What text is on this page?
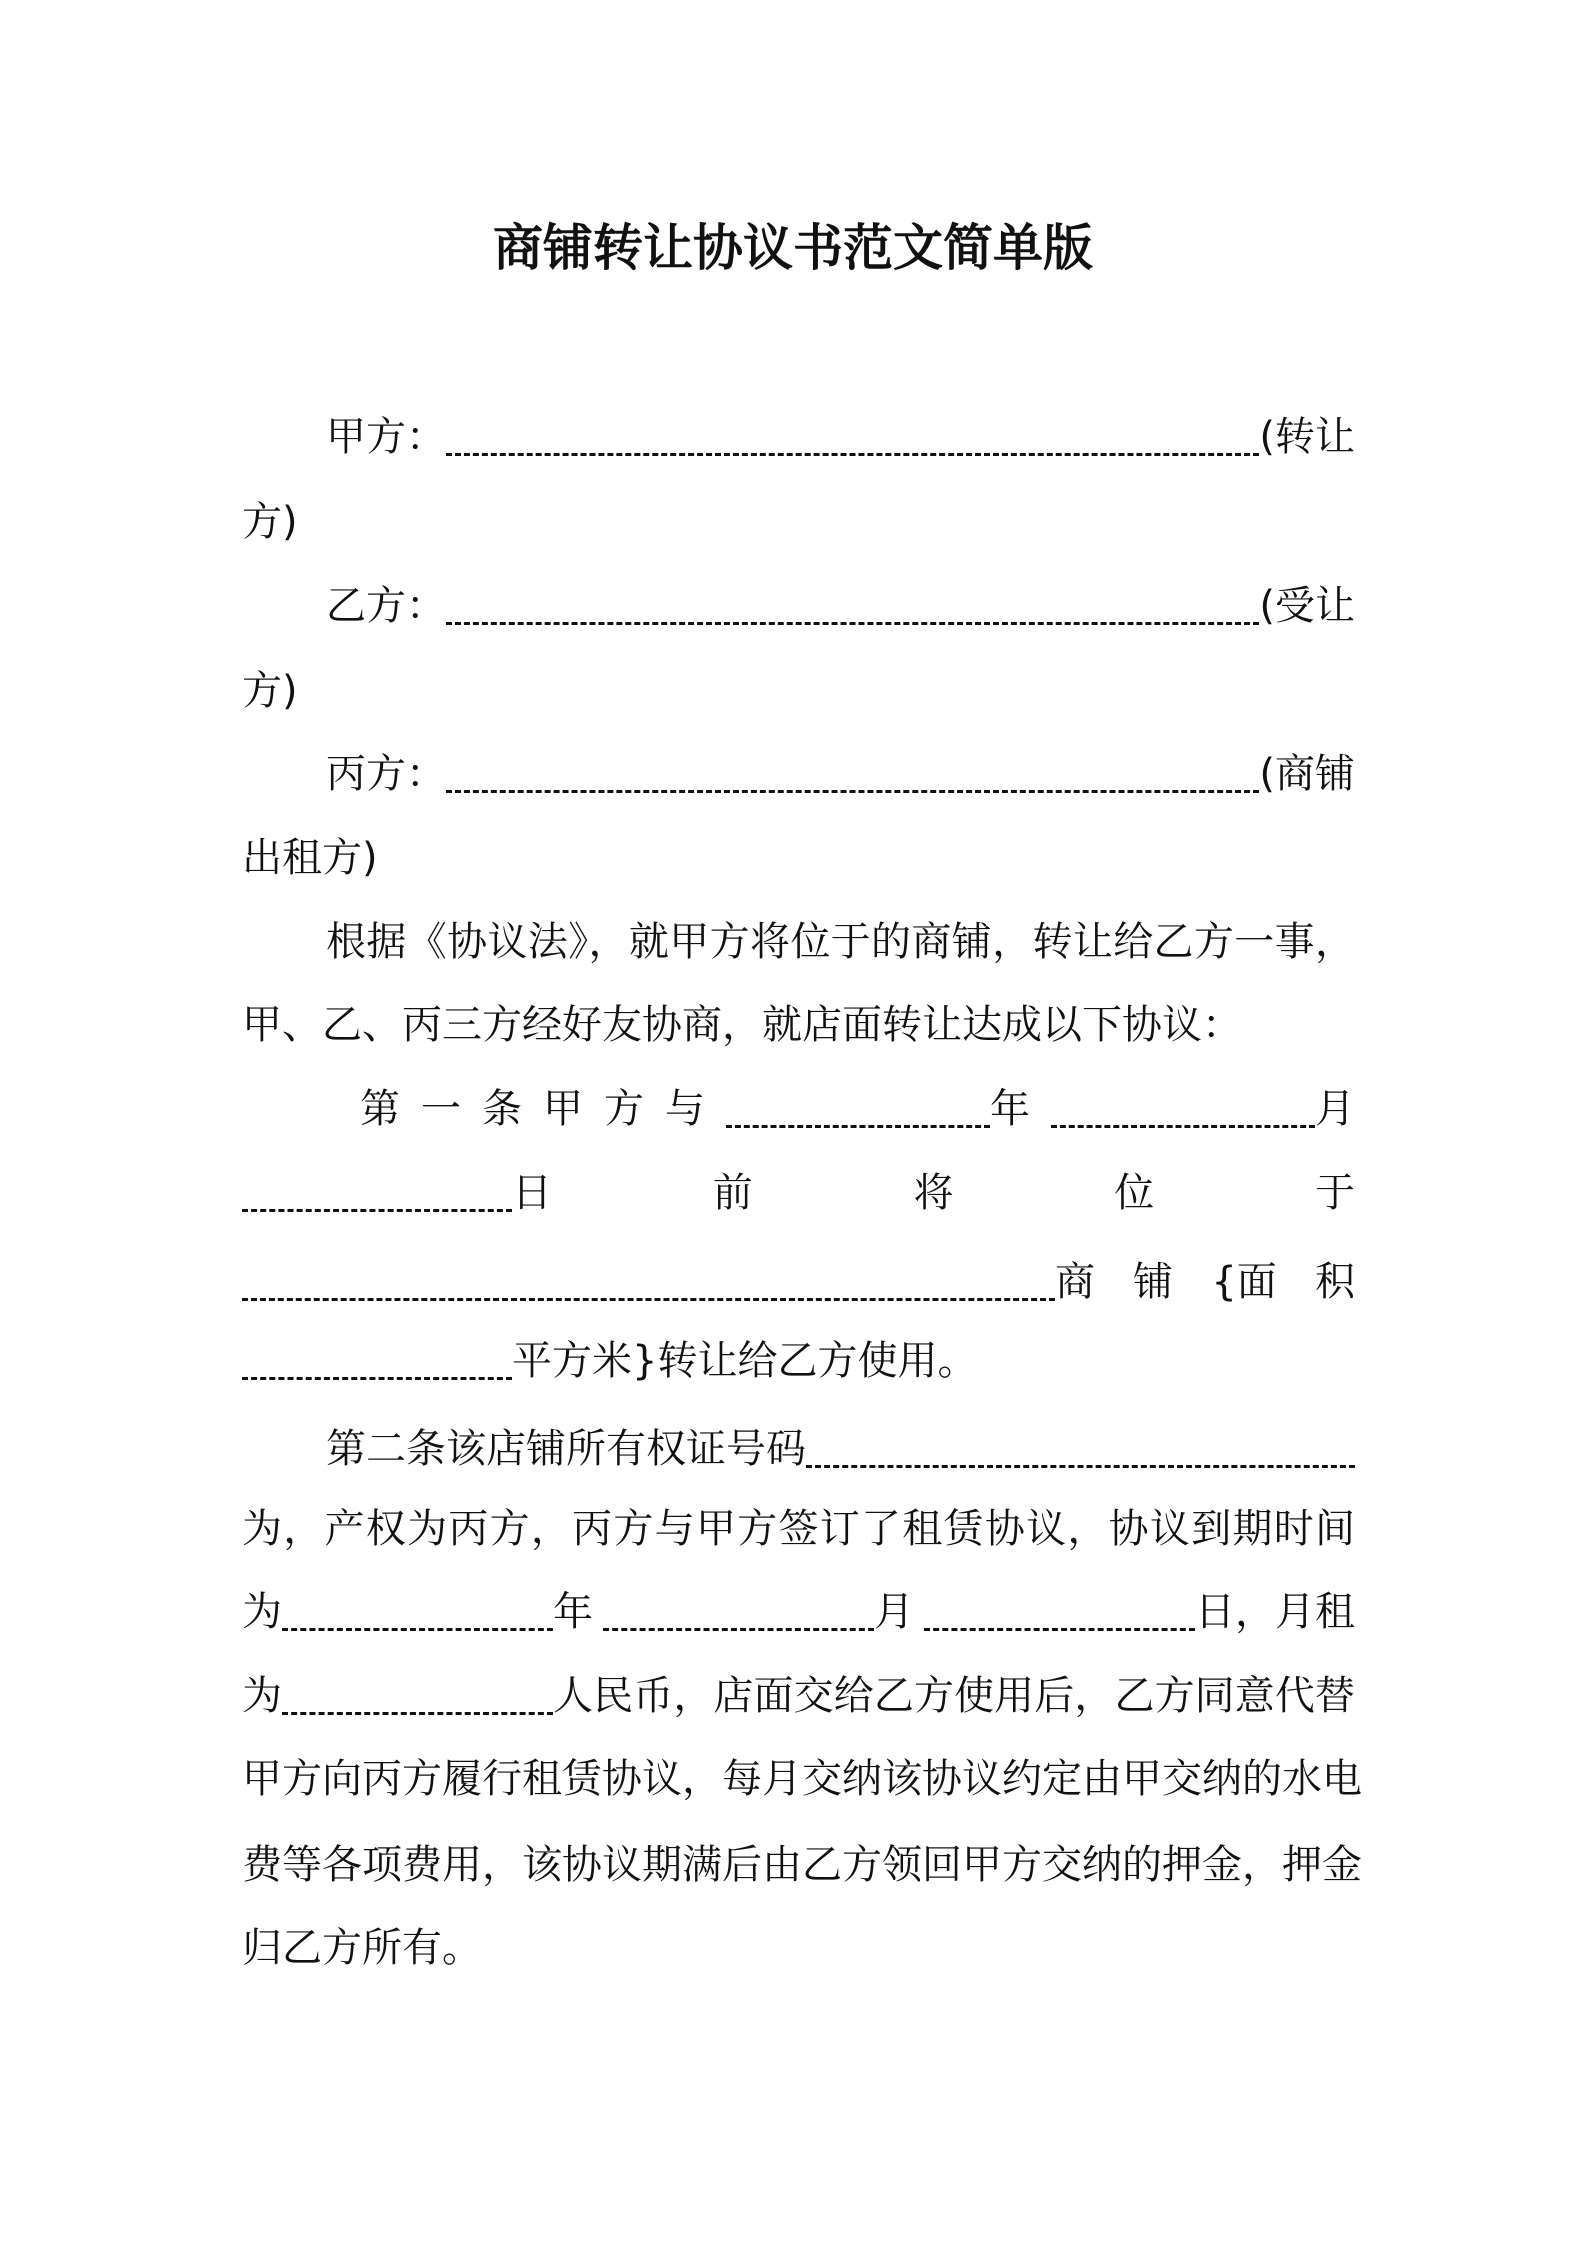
商铺转让协议书范文简单版
甲方：	(转让
方)
乙方：	(受让
方)
丙方：	(商铺
出租方)
根据《协议法》，就甲方将位于的商铺，转让给乙方一事，
甲、乙、丙三方经好友协商，就店面转让达成以下协议：
第 一 条 甲 方 与	年	月
日	前	将	位	于
商 铺 {面 积
平方米}转让给乙方使用。
第二条该店铺所有权证号码
为，产权为丙方，丙方与甲方签订了租赁协议，协议到期时间
为	年	月	日，月租
为	人民币，店面交给乙方使用后，乙方同意代替
甲方向丙方履行租赁协议，每月交纳该协议约定由甲交纳的水电
费等各项费用，该协议期满后由乙方领回甲方交纳的押金，押金
归乙方所有。
